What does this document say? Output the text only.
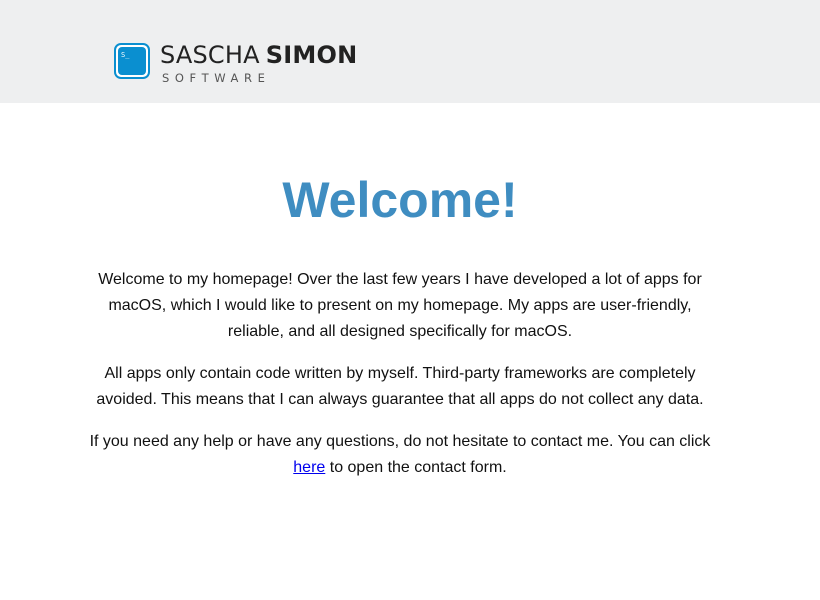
S_ SASCHA SIMON
SOFTWARE
Welcome!

Welcome to my homepage! Over the last few years I have developed a lot of apps for macOS, which I would like to present on my homepage. My apps are user-friendly, reliable, and all designed specifically for macOS.

All apps only contain code written by myself. Third-party frameworks are completely avoided. This means that I can always guarantee that all apps do not collect any data.

If you need any help or have any questions, do not hesitate to contact me. You can click here to open the contact form.
